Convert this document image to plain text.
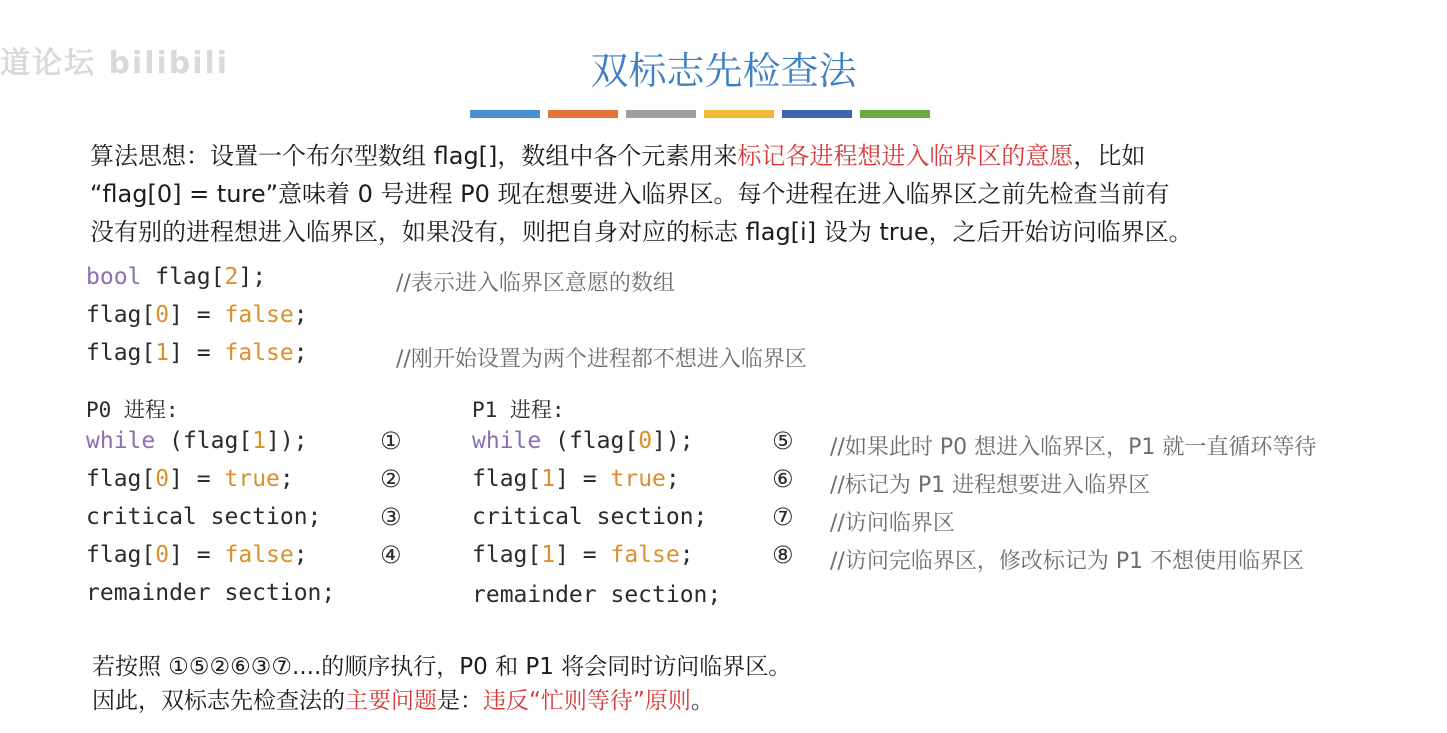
道论坛 bilibili	双标志先检查法
算法思想：设置一个布尔型数组 flag[]，数组中各个元素用来标记各进程想进入临界区的意愿，比如
“flag[0] = ture”意味着 0 号进程 P0 现在想要进入临界区。每个进程在进入临界区之前先检查当前有
没有别的进程想进入临界区，如果没有，则把自身对应的标志 flag[i] 设为 true，之后开始访问临界区。
bool flag[2];	//表示进入临界区意愿的数组
flag[0] = false;
flag[1] = false;	//刚开始设置为两个进程都不想进入临界区
P0 进程:
while (flag[1]);	①
flag[0] = true;	②
critical section; ③
flag[0] = false;	④
remainder section;
P1 进程:
while (flag[0]);	⑤ //如果此时 P0 想进入临界区，P1 就一直循环等待
flag[1] = true;	⑥ //标记为 P1 进程想要进入临界区
critical section;	⑦ //访问临界区
flag[1] = false;	⑧ //访问完临界区，修改标记为 P1 不想使用临界区
remainder section;
若按照 ①⑤②⑥③⑦....的顺序执行，P0 和 P1 将会同时访问临界区。
因此，双标志先检查法的主要问题是：违反“忙则等待”原则。
